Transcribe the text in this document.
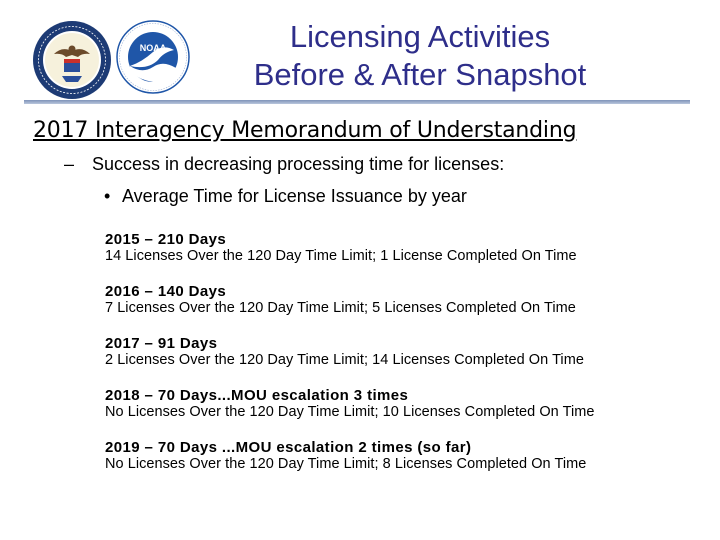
NOAA	Licensing Activities
Before & After Snapshot
2017 Interagency Memorandum of Understanding
– Success in decreasing processing time for licenses:
• Average Time for License Issuance by year
2015 – 210 Days
14 Licenses Over the 120 Day Time Limit; 1 License Completed On Time
2016 – 140 Days
7 Licenses Over the 120 Day Time Limit; 5 Licenses Completed On Time
2017 – 91 Days
2 Licenses Over the 120 Day Time Limit; 14 Licenses Completed On Time
2018 – 70 Days...MOU escalation 3 times
No Licenses Over the 120 Day Time Limit; 10 Licenses Completed On Time
2019 – 70 Days ...MOU escalation 2 times (so far)
No Licenses Over the 120 Day Time Limit; 8 Licenses Completed On Time
